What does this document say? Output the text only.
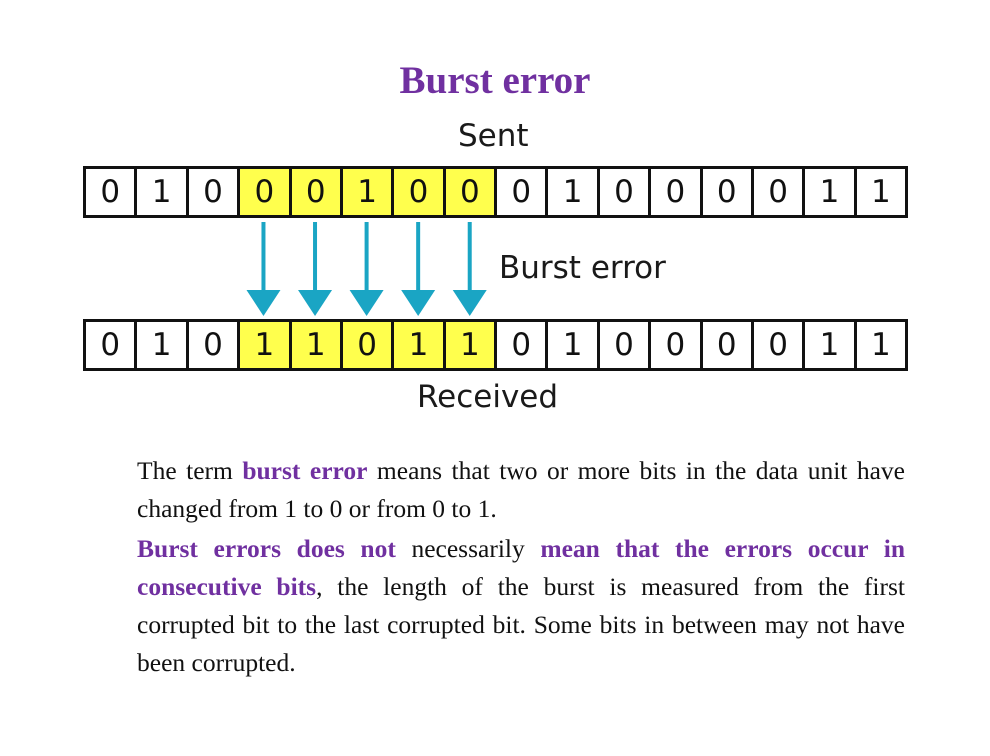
Burst error
Sent
0	1	0	0	0	1	0	0	0	1	0	0	0	0	1	1
Burst error
0	1	0	1	1	0	1	1	0	1	0	0	0	0	1	1
Received

The term burst error means that two or more bits in the data unit have changed from 1 to 0 or from 0 to 1.

Burst errors does not necessarily mean that the errors occur in consecutive bits, the length of the burst is measured from the first corrupted bit to the last corrupted bit. Some bits in between may not have been corrupted.
